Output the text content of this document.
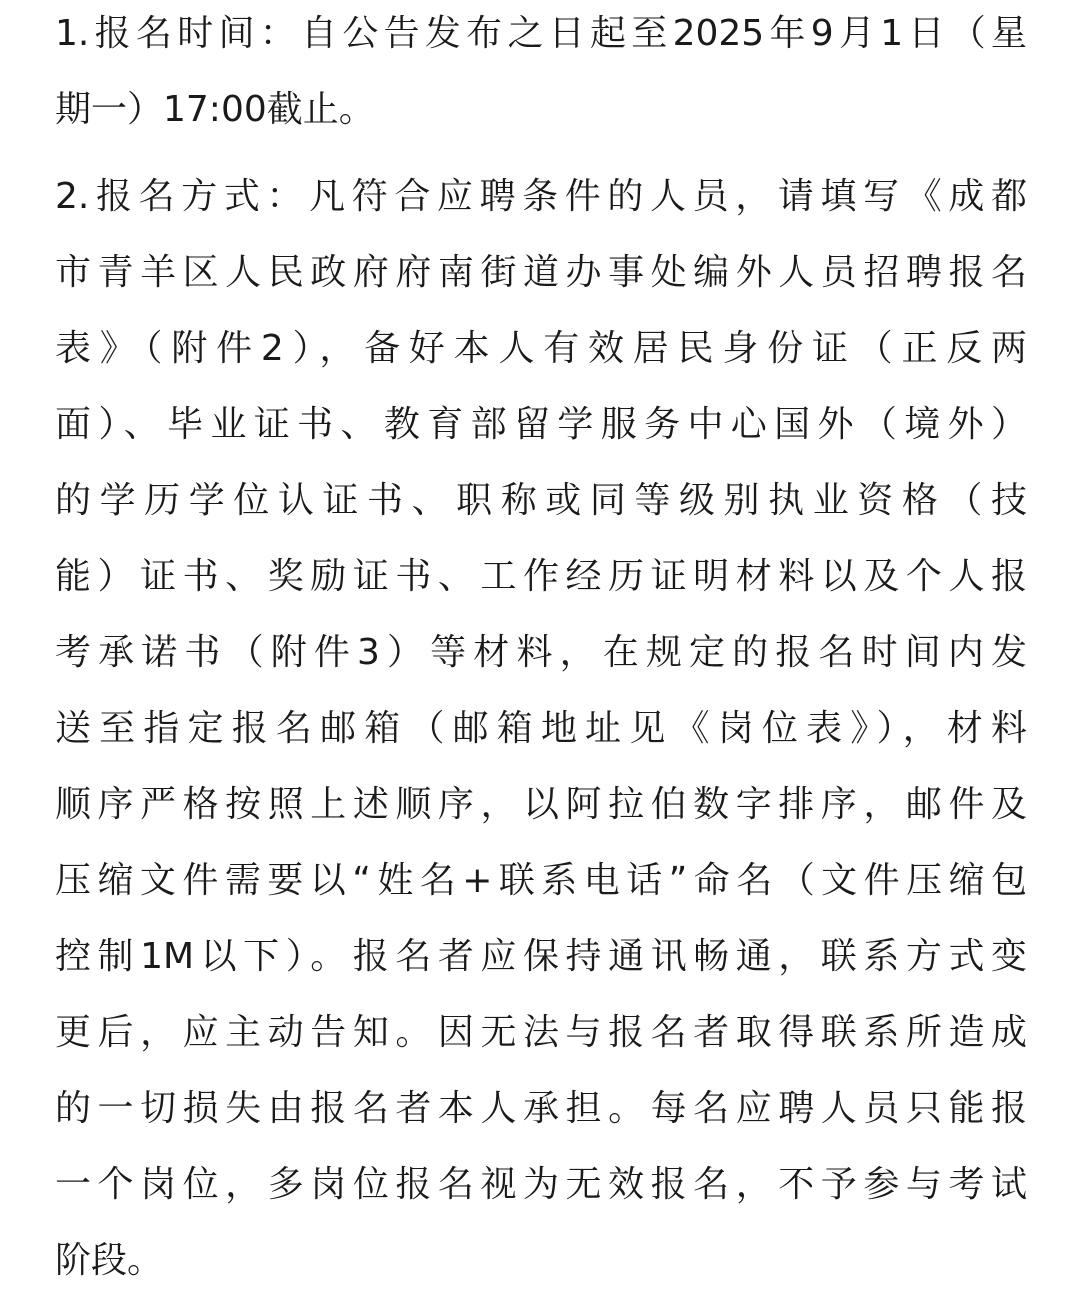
1.报名时间：自公告发布之日起至2025年9月1日（星
期一）17:00截止。
2.报名方式：凡符合应聘条件的人员，请填写《成都
市青羊区人民政府府南街道办事处编外人员招聘报名
表》（附件2），备好本人有效居民身份证（正反两
面）、毕业证书、教育部留学服务中心国外（境外）
的学历学位认证书、职称或同等级别执业资格（技
能）证书、奖励证书、工作经历证明材料以及个人报
考承诺书（附件3）等材料，在规定的报名时间内发
送至指定报名邮箱（邮箱地址见《岗位表》），材料
顺序严格按照上述顺序，以阿拉伯数字排序，邮件及
压缩文件需要以“姓名+联系电话”命名（文件压缩包
控制1M以下）。报名者应保持通讯畅通，联系方式变
更后，应主动告知。因无法与报名者取得联系所造成
的一切损失由报名者本人承担。每名应聘人员只能报
一个岗位，多岗位报名视为无效报名，不予参与考试
阶段。
